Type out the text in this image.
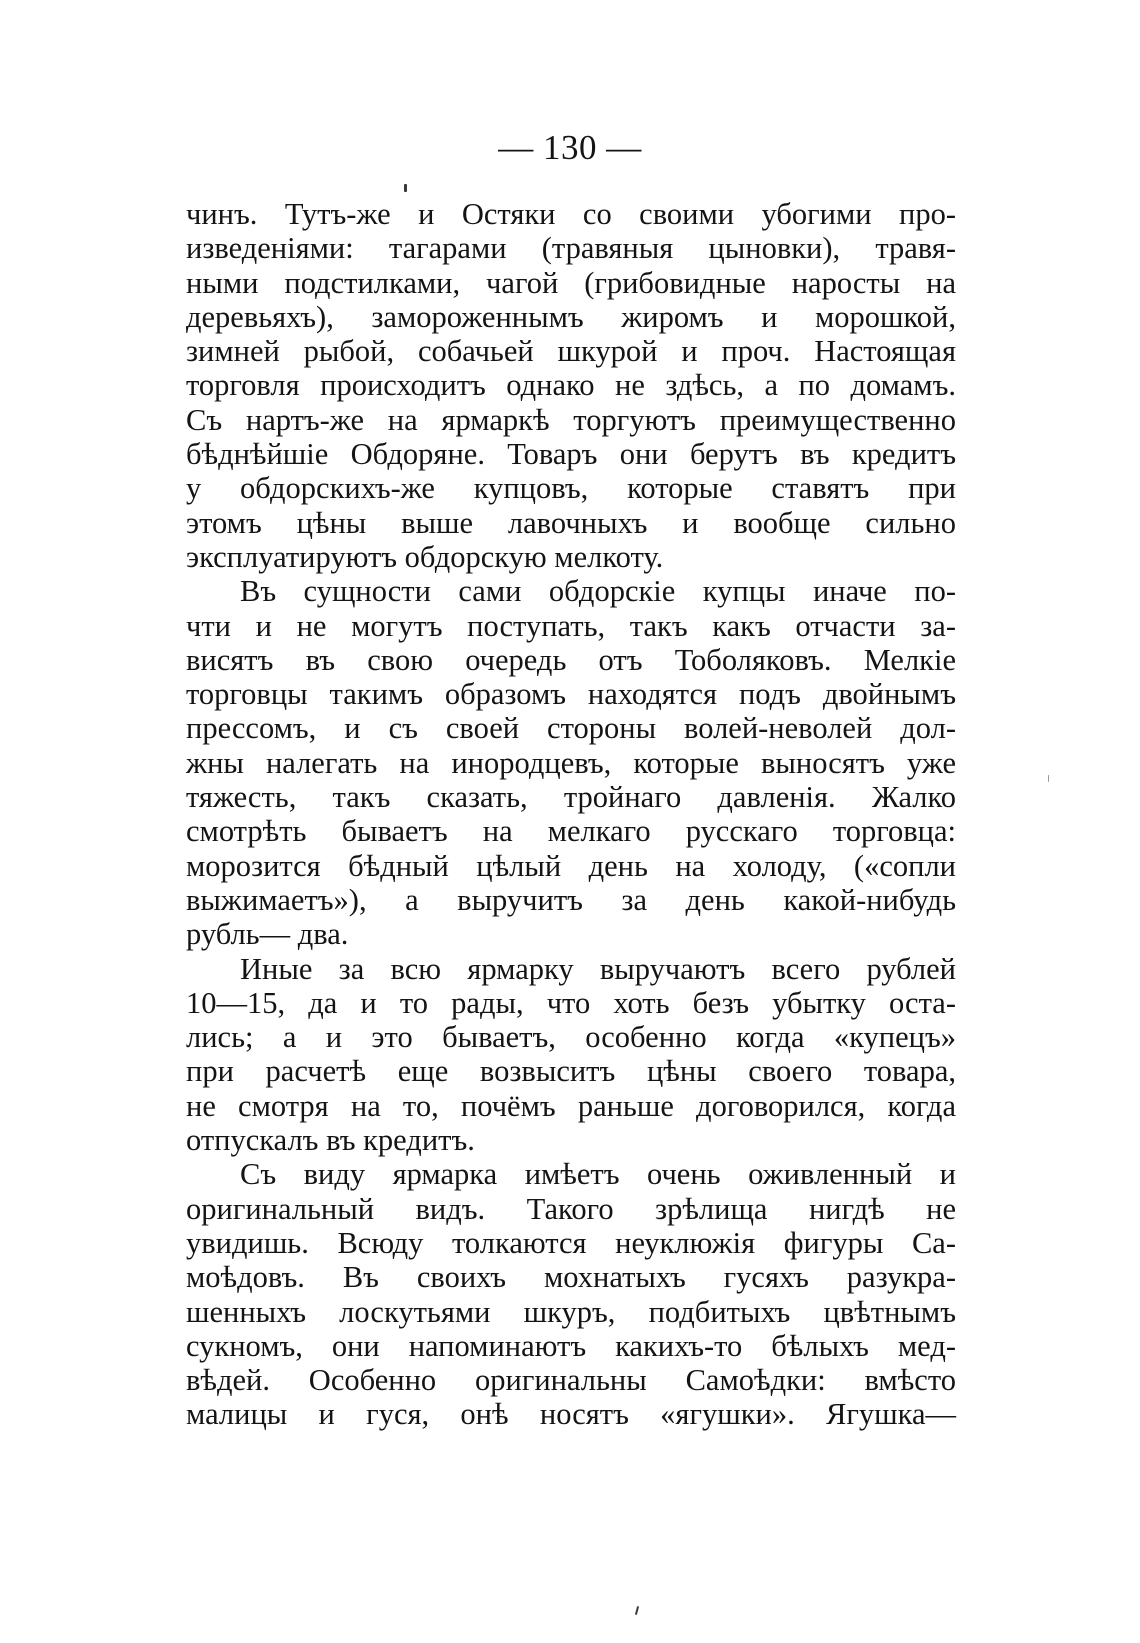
— 130 —
чинъ. Тутъ-же и Остяки со своими убогими про-
изведеніями: тагарами (травяныя цыновки), травя-
ными подстилками, чагой (грибовидные наросты на
деревьяхъ), замороженнымъ жиромъ и морошкой,
зимней рыбой, собачьей шкурой и проч. Настоящая
торговля происходитъ однако не здѣсь, а по домамъ.
Съ нартъ-же на ярмаркѣ торгуютъ преимущественно
бѣднѣйшіе Обдоряне. Товаръ они берутъ въ кредитъ
у обдорскихъ-же купцовъ, которые ставятъ при
этомъ цѣны выше лавочныхъ и вообще сильно
эксплуатируютъ обдорскую мелкоту.
Въ сущности сами обдорскіе купцы иначе по-
чти и не могутъ поступать, такъ какъ отчасти за-
висятъ въ свою очередь отъ Тоболяковъ. Мелкіе
торговцы такимъ образомъ находятся подъ двойнымъ
прессомъ, и съ своей стороны волей-неволей дол-
жны налегать на инородцевъ, которые выносятъ уже
тяжесть, такъ сказать, тройнаго давленія. Жалко
смотрѣть бываетъ на мелкаго русскаго торговца:
морозится бѣдный цѣлый день на холоду, («сопли
выжимаетъ»), а выручитъ за день какой-нибудь
рубль— два.
Иные за всю ярмарку выручаютъ всего рублей
10—15, да и то рады, что хоть безъ убытку оста-
лись; а и это бываетъ, особенно когда «купецъ»
при расчетѣ еще возвыситъ цѣны своего товара,
не смотря на то, почёмъ раньше договорился, когда
отпускалъ въ кредитъ.
Съ виду ярмарка имѣетъ очень оживленный и
оригинальный видъ. Такого зрѣлища нигдѣ не
увидишь. Всюду толкаются неуклюжія фигуры Са-
моѣдовъ. Въ своихъ мохнатыхъ гусяхъ разукра-
шенныхъ лоскутьями шкуръ, подбитыхъ цвѣтнымъ
сукномъ, они напоминаютъ какихъ-то бѣлыхъ мед-
вѣдей. Особенно оригинальны Самоѣдки: вмѣсто
малицы и гуся, онѣ носятъ «ягушки». Ягушка—
